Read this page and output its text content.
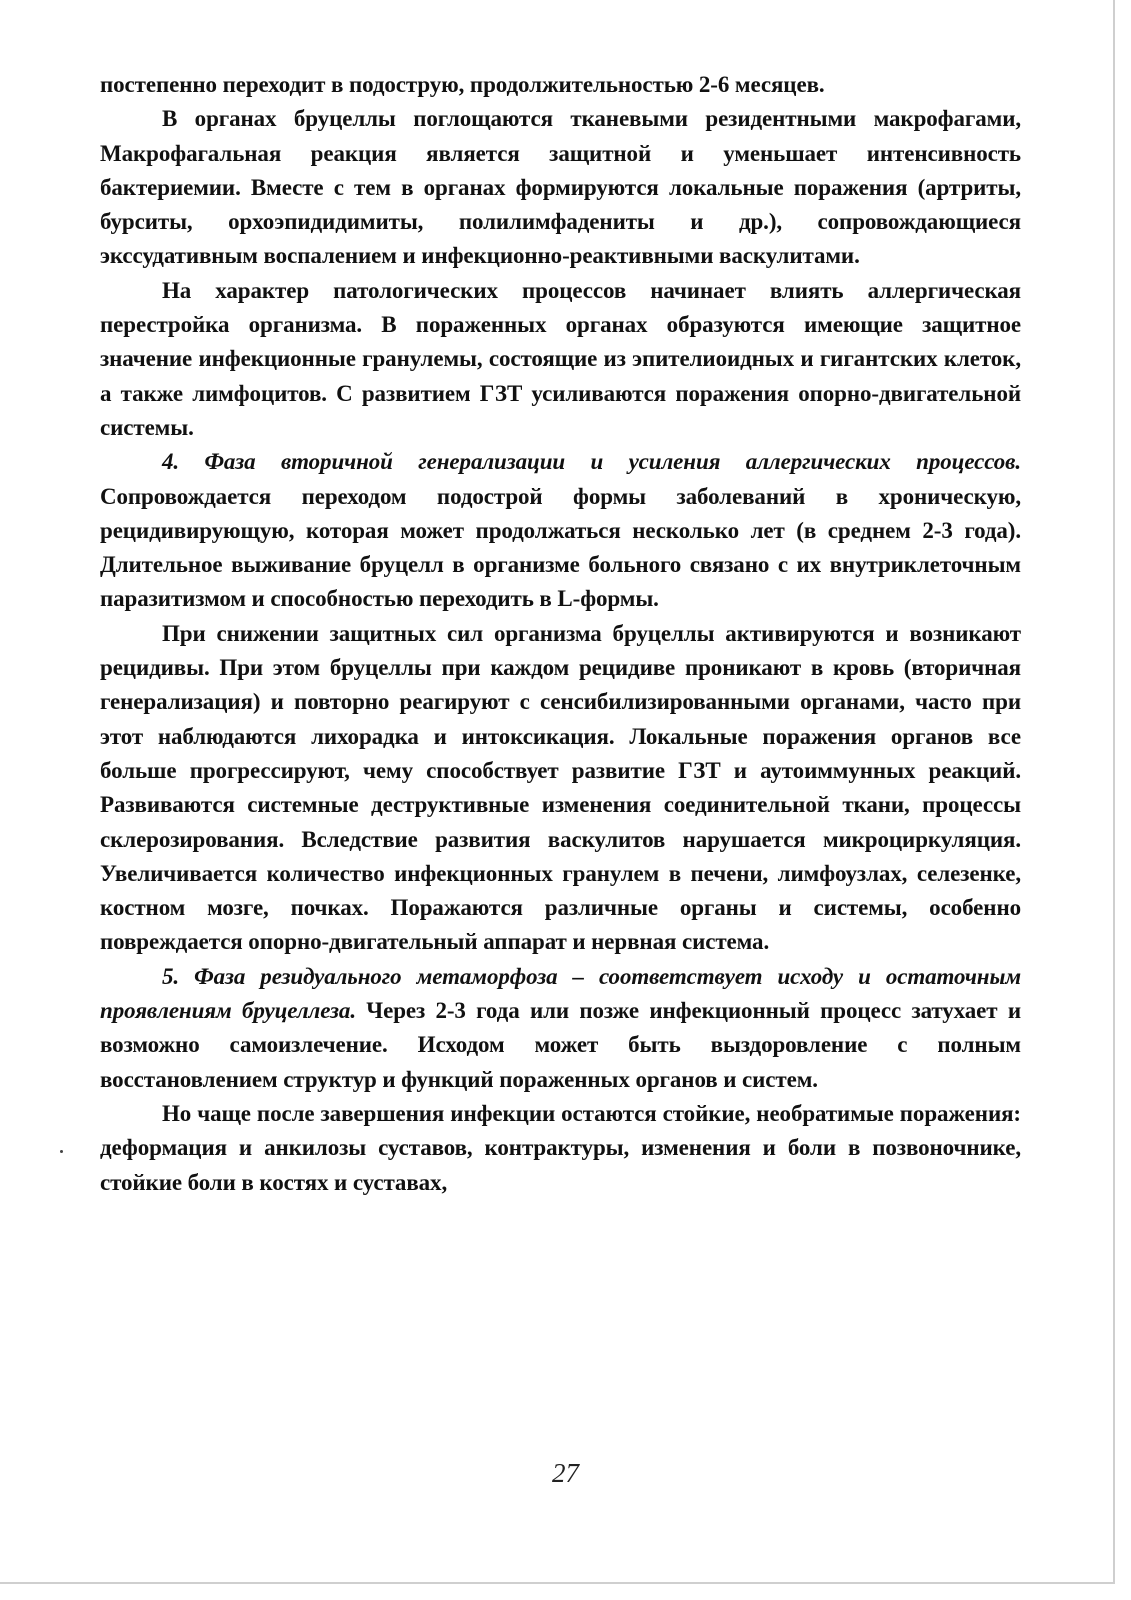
постепенно переходит в подострую, продолжительностью 2-6 месяцев.

В органах бруцеллы поглощаются тканевыми резидентными макрофагами, Макрофагальная реакция является защитной и уменьшает интенсивность бактериемии. Вместе с тем в органах формируются локальные поражения (артриты, бурситы, орхоэпидидимиты, полилимфадениты и др.), сопровождающиеся экссудативным воспалением и инфекционно-реактивными васкулитами.

На характер патологических процессов начинает влиять аллергическая перестройка организма. В пораженных органах образуются имеющие защитное значение инфекционные гранулемы, состоящие из эпителиоидных и гигантских клеток, а также лимфоцитов. С развитием ГЗТ усиливаются поражения опорно-двигательной системы.

4. Фаза вторичной генерализации и усиления аллергических процессов. Сопровождается переходом подострой формы заболеваний в хроническую, рецидивирующую, которая может продолжаться несколько лет (в среднем 2-3 года). Длительное выживание бруцелл в организме больного связано с их внутриклеточным паразитизмом и способностью переходить в L-формы.

При снижении защитных сил организма бруцеллы активируются и возникают рецидивы. При этом бруцеллы при каждом рецидиве проникают в кровь (вторичная генерализация) и повторно реагируют с сенсибилизированными органами, часто при этот наблюдаются лихорадка и интоксикация. Локальные поражения органов все больше прогрессируют, чему способствует развитие ГЗТ и аутоиммунных реакций. Развиваются системные деструктивные изменения соединительной ткани, процессы склерозирования. Вследствие развития васкулитов нарушается микроциркуляция. Увеличивается количество инфекционных гранулем в печени, лимфоузлах, селезенке, костном мозге, почках. Поражаются различные органы и системы, особенно повреждается опорно-двигательный аппарат и нервная система.

5. Фаза резидуального метаморфоза – соответствует исходу и остаточным проявлениям бруцеллеза. Через 2-3 года или позже инфекционный процесс затухает и возможно самоизлечение. Исходом может быть выздоровление с полным восстановлением структур и функций пораженных органов и систем.

Но чаще после завершения инфекции остаются стойкие, необратимые поражения: деформация и анкилозы суставов, контрактуры, изменения и боли в позвоночнике, стойкие боли в костях и суставах,

27
